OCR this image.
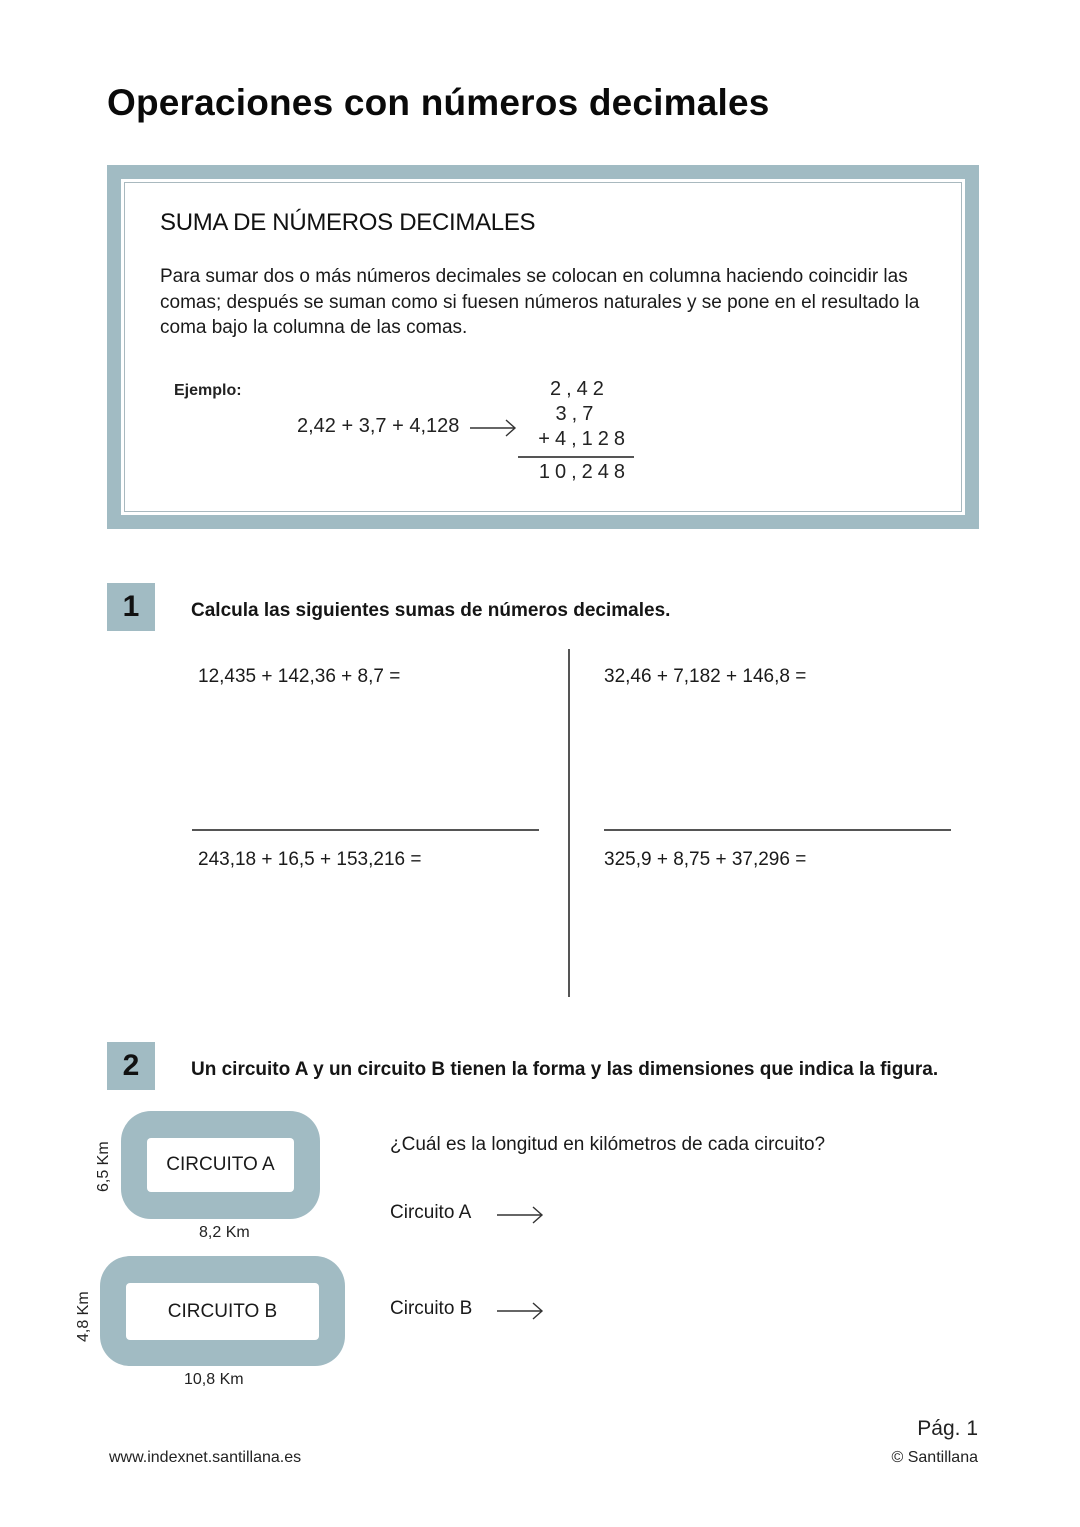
Operaciones con números decimales
SUMA DE NÚMEROS DECIMALES
Para sumar dos o más números decimales se colocan en columna haciendo coincidir las comas; después se suman como si fuesen números naturales y se pone en el resultado la coma bajo la columna de las comas.
Ejemplo:
2,42 + 3,7 + 4,128
2,42
3,7
+4,128
10,248
1	Calcula las siguientes sumas de números decimales.
12,435 + 142,36 + 8,7 =	32,46 + 7,182 + 146,8 =
243,18 + 16,5 + 153,216 =	325,9 + 8,75 + 37,296 =
2	Un circuito A y un circuito B tienen la forma y las dimensiones que indica la figura.
CIRCUITO A
6,5 Km
8,2 Km
CIRCUITO B
4,8 Km
10,8 Km
¿Cuál es la longitud en kilómetros de cada circuito?
Circuito A
Circuito B
Pág. 1
www.indexnet.santillana.es	© Santillana
